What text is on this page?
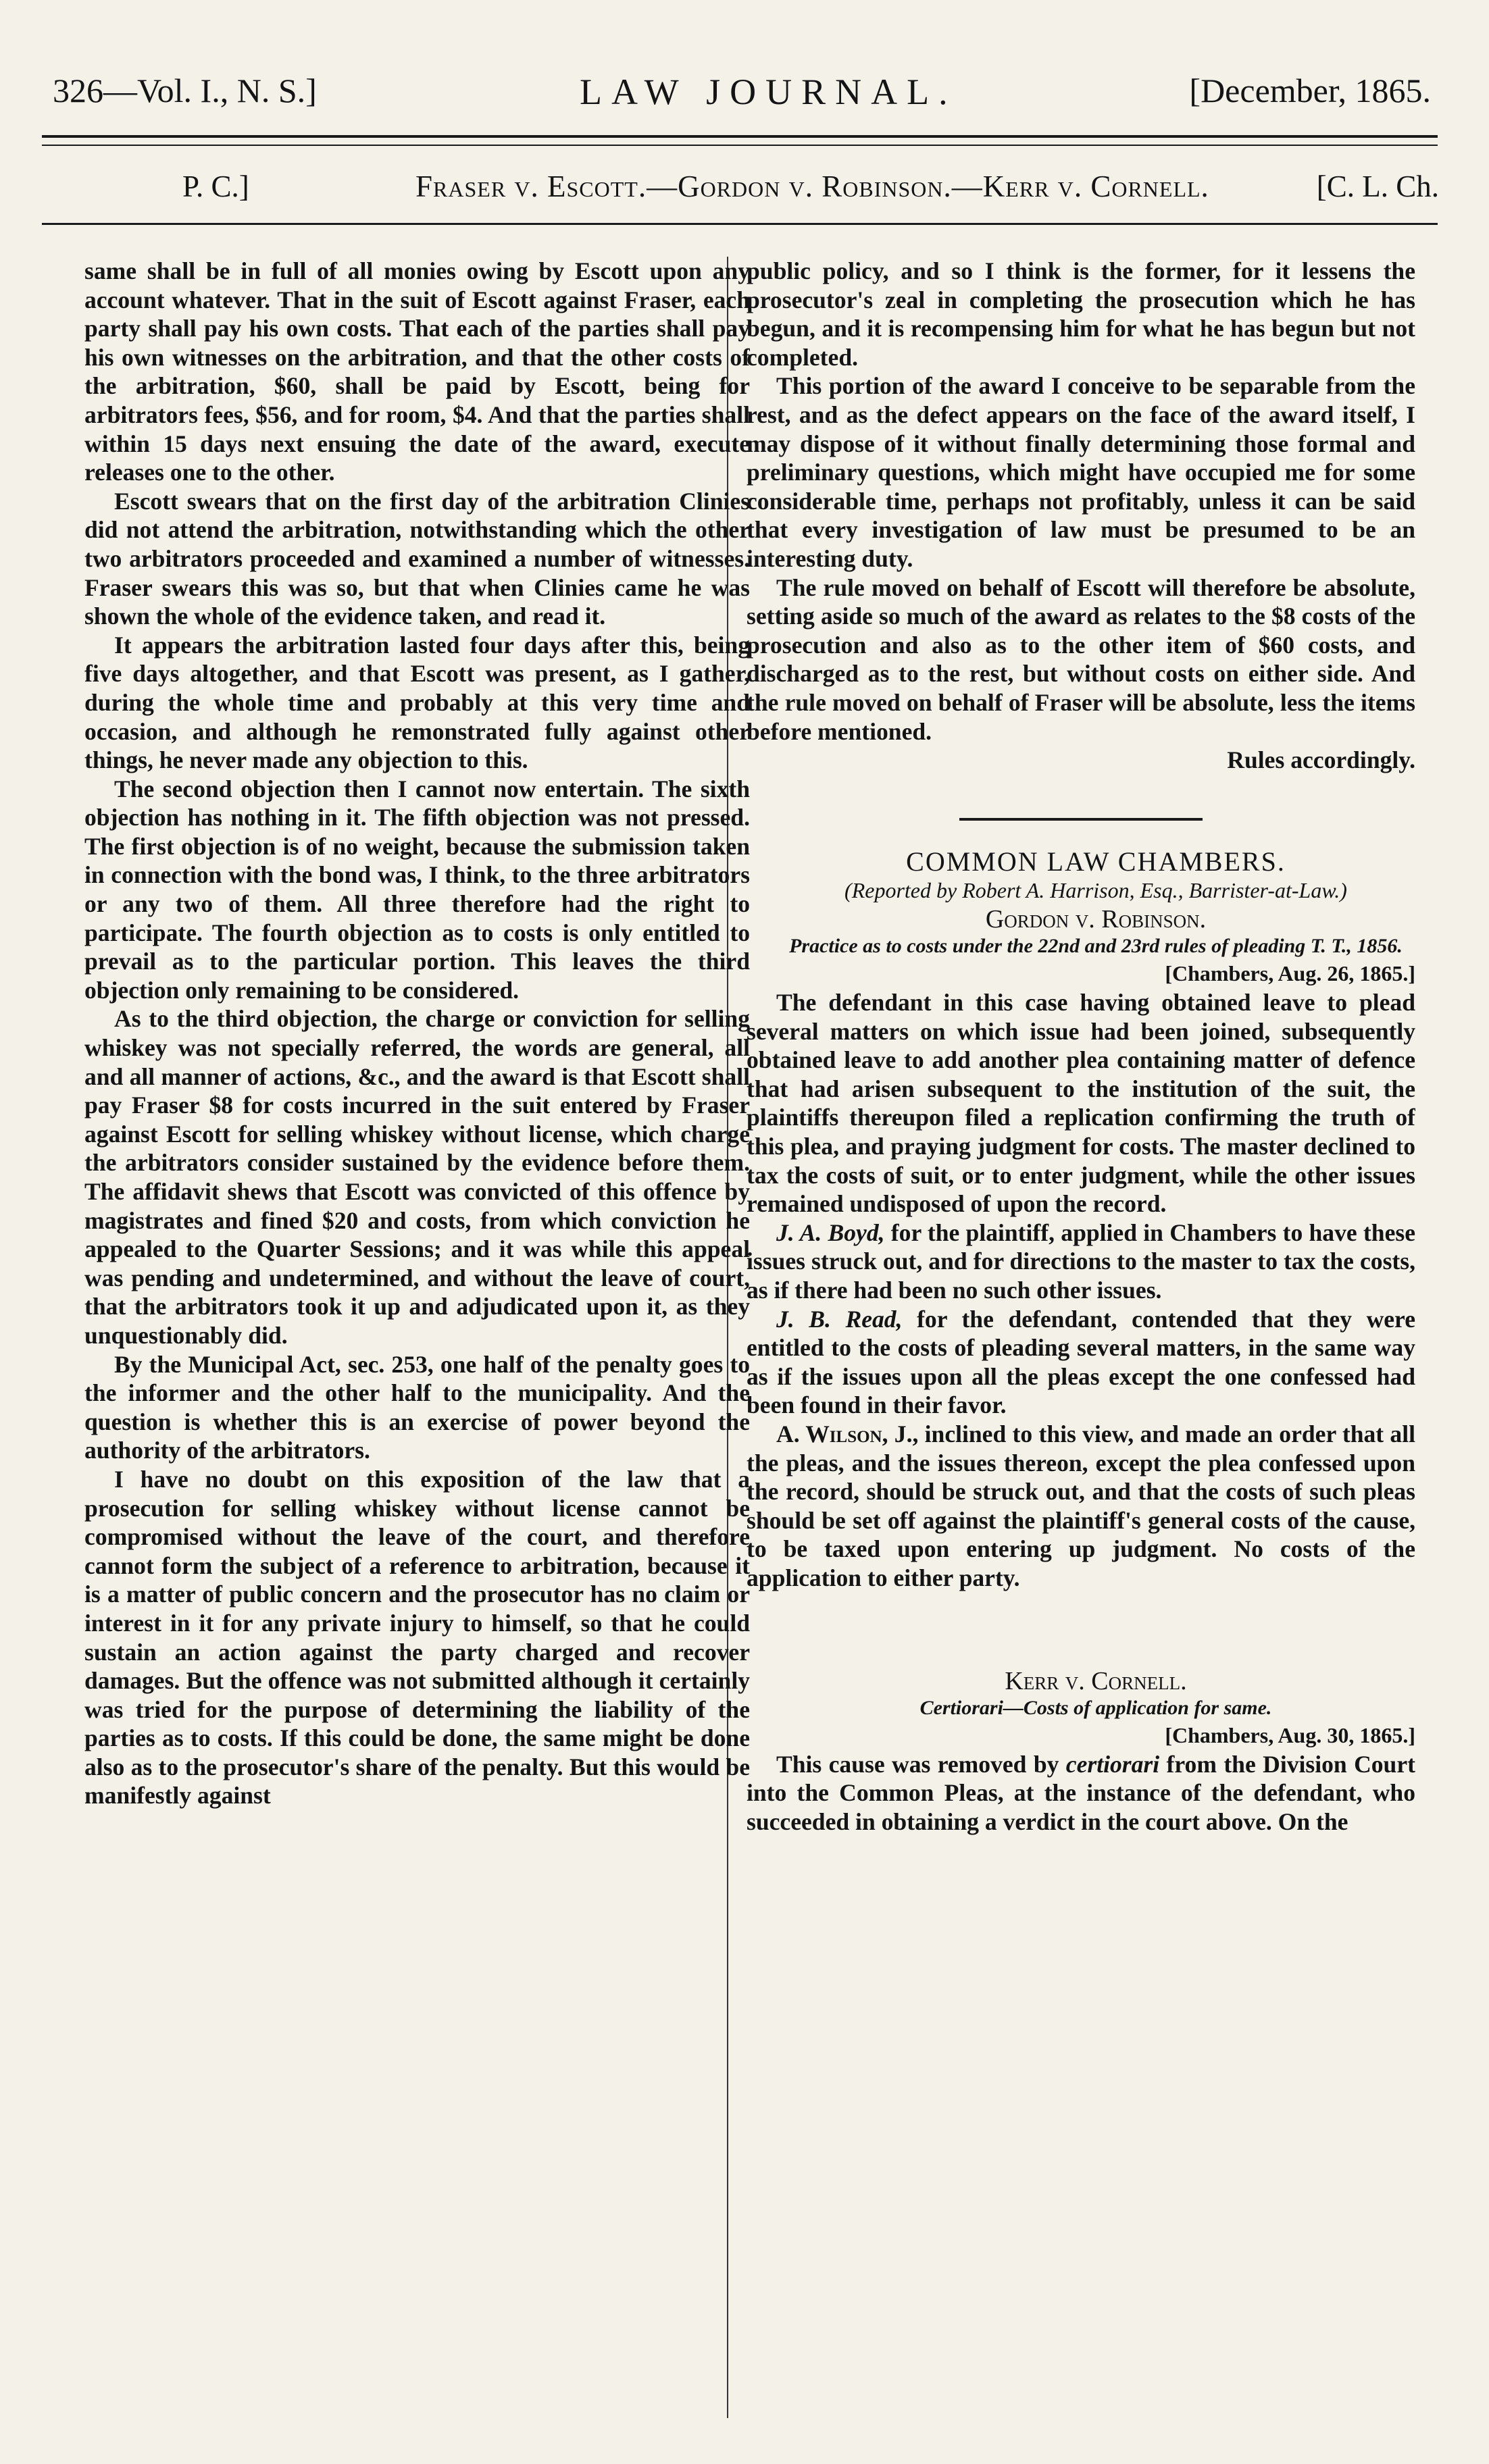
326—Vol. I., N. S.]	LAW JOURNAL.	[December, 1865.
P. C.]	Fraser v. Escott.—Gordon v. Robinson.—Kerr v. Cornell.	[C. L. Ch.

same shall be in full of all monies owing by Escott upon any account whatever. That in the suit of Escott against Fraser, each party shall pay his own costs. That each of the parties shall pay his own witnesses on the arbitration, and that the other costs of the arbitration, $60, shall be paid by Escott, being for arbitrators fees, $56, and for room, $4. And that the parties shall within 15 days next ensuing the date of the award, execute releases one to the other.

Escott swears that on the first day of the arbitration Clinies did not attend the arbitration, notwithstanding which the other two arbitrators proceeded and examined a number of witnesses. Fraser swears this was so, but that when Clinies came he was shown the whole of the evidence taken, and read it.

It appears the arbitration lasted four days after this, being five days altogether, and that Escott was present, as I gather, during the whole time and probably at this very time and occasion, and although he remonstrated fully against other things, he never made any objection to this.

The second objection then I cannot now entertain. The sixth objection has nothing in it. The fifth objection was not pressed. The first objection is of no weight, because the submission taken in connection with the bond was, I think, to the three arbitrators or any two of them. All three therefore had the right to participate. The fourth objection as to costs is only entitled to prevail as to the particular portion. This leaves the third objection only remaining to be considered.

As to the third objection, the charge or conviction for selling whiskey was not specially referred, the words are general, all and all manner of actions, &c., and the award is that Escott shall pay Fraser $8 for costs incurred in the suit entered by Fraser against Escott for selling whiskey without license, which charge the arbitrators consider sustained by the evidence before them. The affidavit shews that Escott was convicted of this offence by magistrates and fined $20 and costs, from which conviction he appealed to the Quarter Sessions; and it was while this appeal was pending and undetermined, and without the leave of court, that the arbitrators took it up and adjudicated upon it, as they unquestionably did.

By the Municipal Act, sec. 253, one half of the penalty goes to the informer and the other half to the municipality. And the question is whether this is an exercise of power beyond the authority of the arbitrators.

I have no doubt on this exposition of the law that a prosecution for selling whiskey without license cannot be compromised without the leave of the court, and therefore cannot form the subject of a reference to arbitration, because it is a matter of public concern and the prosecutor has no claim or interest in it for any private injury to himself, so that he could sustain an action against the party charged and recover damages. But the offence was not submitted although it certainly was tried for the purpose of determining the liability of the parties as to costs. If this could be done, the same might be done also as to the prosecutor's share of the penalty. But this would be manifestly against

public policy, and so I think is the former, for it lessens the prosecutor's zeal in completing the prosecution which he has begun, and it is recompensing him for what he has begun but not completed.

This portion of the award I conceive to be separable from the rest, and as the defect appears on the face of the award itself, I may dispose of it without finally determining those formal and preliminary questions, which might have occupied me for some considerable time, perhaps not profitably, unless it can be said that every investigation of law must be presumed to be an interesting duty.

The rule moved on behalf of Escott will therefore be absolute, setting aside so much of the award as relates to the $8 costs of the prosecution and also as to the other item of $60 costs, and discharged as to the rest, but without costs on either side. And the rule moved on behalf of Fraser will be absolute, less the items before mentioned.

Rules accordingly.

COMMON LAW CHAMBERS.

(Reported by Robert A. Harrison, Esq., Barrister-at-Law.)

Gordon v. Robinson.

Practice as to costs under the 22nd and 23rd rules of pleading T. T., 1856.

[Chambers, Aug. 26, 1865.]

The defendant in this case having obtained leave to plead several matters on which issue had been joined, subsequently obtained leave to add another plea containing matter of defence that had arisen subsequent to the institution of the suit, the plaintiffs thereupon filed a replication confirming the truth of this plea, and praying judgment for costs. The master declined to tax the costs of suit, or to enter judgment, while the other issues remained undisposed of upon the record.

J. A. Boyd, for the plaintiff, applied in Chambers to have these issues struck out, and for directions to the master to tax the costs, as if there had been no such other issues.

J. B. Read, for the defendant, contended that they were entitled to the costs of pleading several matters, in the same way as if the issues upon all the pleas except the one confessed had been found in their favor.

A. Wilson, J., inclined to this view, and made an order that all the pleas, and the issues thereon, except the plea confessed upon the record, should be struck out, and that the costs of such pleas should be set off against the plaintiff's general costs of the cause, to be taxed upon entering up judgment. No costs of the application to either party.

Kerr v. Cornell.

Certiorari—Costs of application for same.

[Chambers, Aug. 30, 1865.]

This cause was removed by certiorari from the Division Court into the Common Pleas, at the instance of the defendant, who succeeded in obtaining a verdict in the court above. On the
